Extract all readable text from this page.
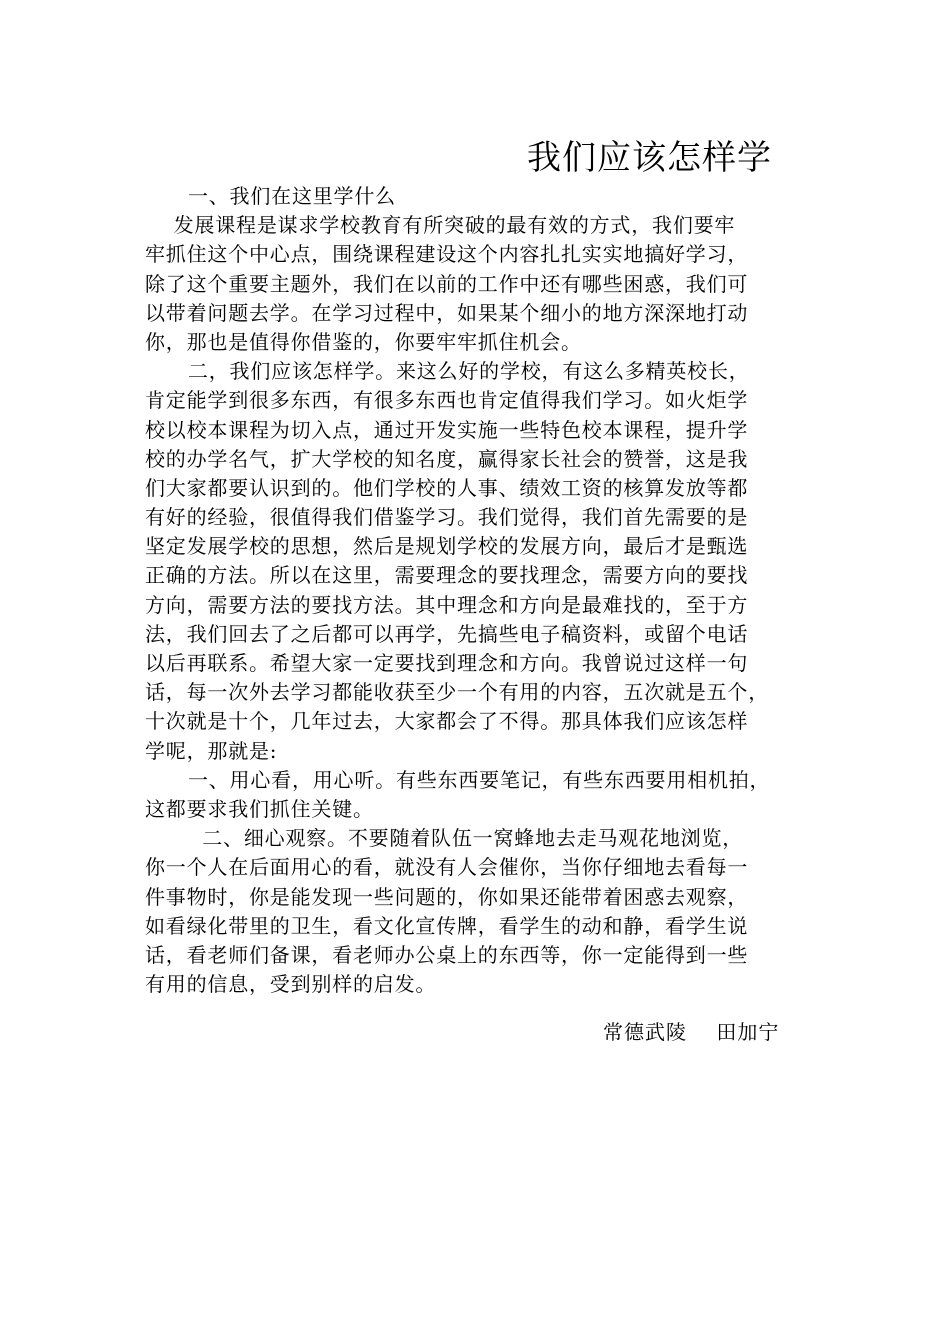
我们应该怎样学
一、我们在这里学什么
发展课程是谋求学校教育有所突破的最有效的方式，我们要牢
牢抓住这个中心点，围绕课程建设这个内容扎扎实实地搞好学习，
除了这个重要主题外，我们在以前的工作中还有哪些困惑，我们可
以带着问题去学。在学习过程中，如果某个细小的地方深深地打动
你，那也是值得你借鉴的，你要牢牢抓住机会。
二，我们应该怎样学。来这么好的学校，有这么多精英校长，
肯定能学到很多东西，有很多东西也肯定值得我们学习。如火炬学
校以校本课程为切入点，通过开发实施一些特色校本课程，提升学
校的办学名气，扩大学校的知名度，赢得家长社会的赞誉，这是我
们大家都要认识到的。他们学校的人事、绩效工资的核算发放等都
有好的经验，很值得我们借鉴学习。我们觉得，我们首先需要的是
坚定发展学校的思想，然后是规划学校的发展方向，最后才是甄选
正确的方法。所以在这里，需要理念的要找理念，需要方向的要找
方向，需要方法的要找方法。其中理念和方向是最难找的，至于方
法，我们回去了之后都可以再学，先搞些电子稿资料，或留个电话
以后再联系。希望大家一定要找到理念和方向。我曾说过这样一句
话，每一次外去学习都能收获至少一个有用的内容，五次就是五个，
十次就是十个，几年过去，大家都会了不得。那具体我们应该怎样
学呢，那就是:
一、用心看，用心听。有些东西要笔记，有些东西要用相机拍，
这都要求我们抓住关键。
二、细心观察。不要随着队伍一窝蜂地去走马观花地浏览，
你一个人在后面用心的看，就没有人会催你，当你仔细地去看每一
件事物时，你是能发现一些问题的，你如果还能带着困惑去观察，
如看绿化带里的卫生，看文化宣传牌，看学生的动和静，看学生说
话，看老师们备课，看老师办公桌上的东西等，你一定能得到一些
有用的信息，受到别样的启发。
常德武陵    田加宁
